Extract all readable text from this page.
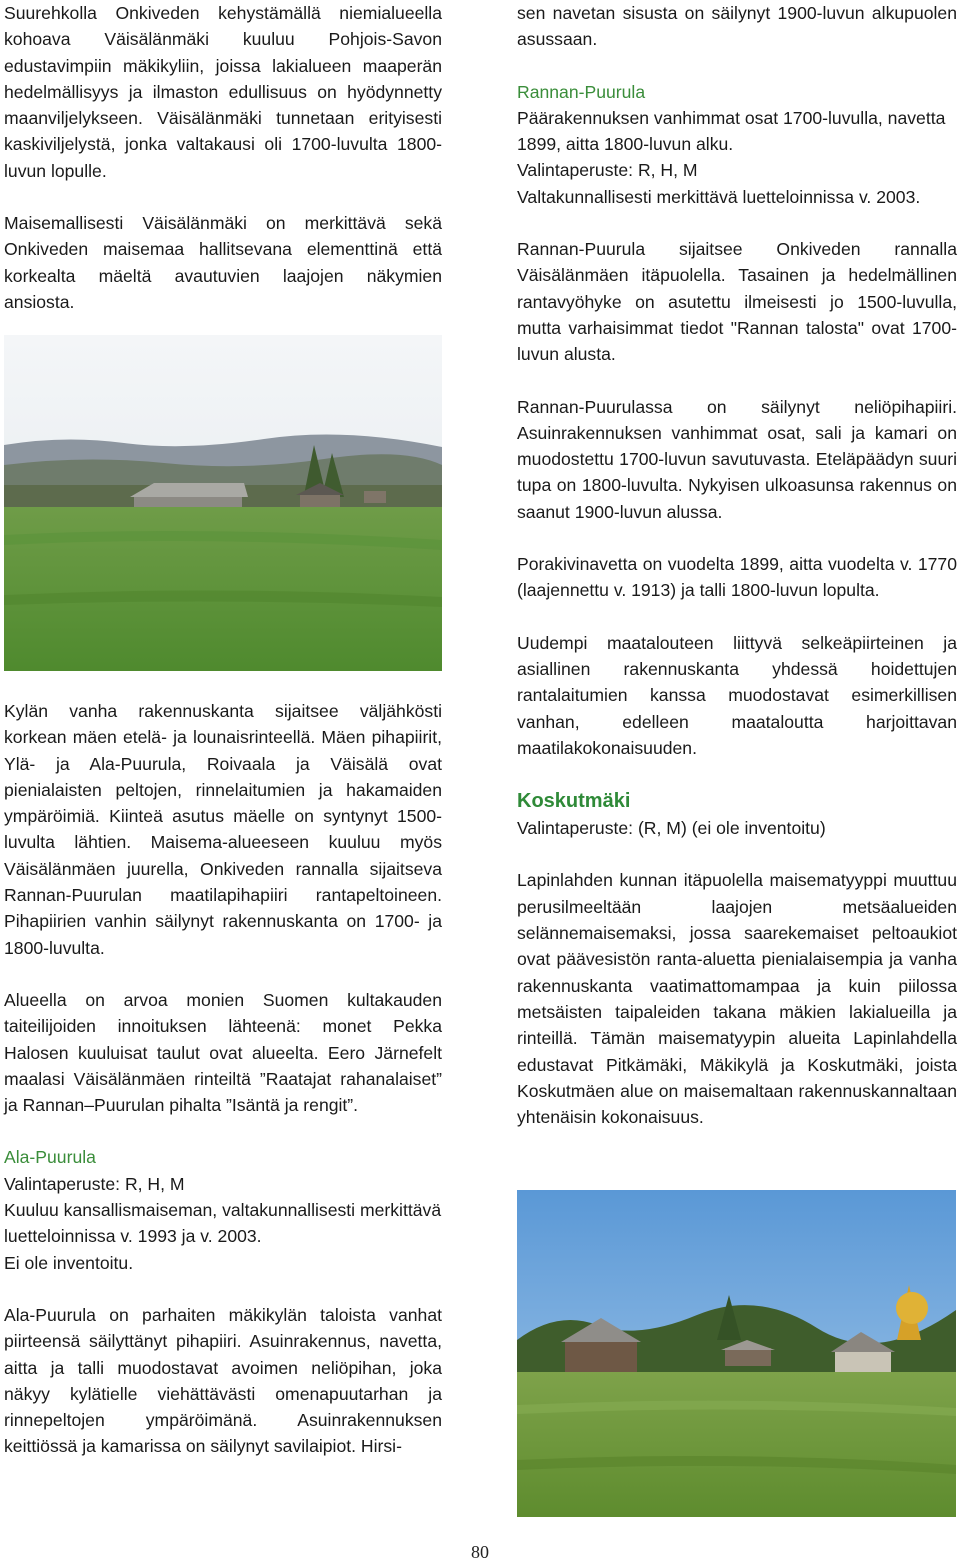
Suurehkolla Onkiveden kehystämällä niemialueella kohoava Väisälänmäki kuuluu Pohjois-Savon edustavimpiin mäkikyliin, joissa lakialueen maaperän hedelmällisyys ja ilmaston edullisuus on hyödynnetty maanviljelykseen. Väisälänmäki tunnetaan erityisesti kaskiviljelystä, jonka valtakausi oli 1700-luvulta 1800-luvun lopulle.

Maisemallisesti Väisälänmäki on merkittävä sekä Onkiveden maisemaa hallitsevana elementtinä että korkealta mäeltä avautuvien laajojen näkymien ansiosta.

Kylän vanha rakennuskanta sijaitsee väljähkösti korkean mäen etelä- ja lounaisrinteellä. Mäen pihapiirit, Ylä- ja Ala-Puurula, Roivaala ja Väisälä ovat pienialaisten peltojen, rinnelaitumien ja hakamaiden ympäröimiä. Kiinteä asutus mäelle on syntynyt 1500-luvulta lähtien. Maisema-alueeseen kuuluu myös Väisälänmäen juurella, Onkiveden rannalla sijaitseva Rannan-Puurulan maatilapihapiiri rantapeltoineen. Pihapiirien vanhin säilynyt rakennuskanta on 1700- ja 1800-luvulta.

Alueella on arvoa monien Suomen kultakauden taiteilijoiden innoituksen lähteenä: monet Pekka Halosen kuuluisat taulut ovat alueelta. Eero Järnefelt maalasi Väisälänmäen rinteiltä ”Raatajat rahanalaiset” ja Rannan–Puurulan pihalta ”Isäntä ja rengit”.

Ala-Puurula

Valintaperuste: R, H, M

Kuuluu kansallismaiseman, valtakunnallisesti merkittävä luetteloinnissa v. 1993 ja v. 2003.

Ei ole inventoitu.

Ala-Puurula on parhaiten mäkikylän taloista vanhat piirteensä säilyttänyt pihapiiri. Asuinrakennus, navetta, aitta ja talli muodostavat avoimen neliöpihan, joka näkyy kylätielle viehättävästi omenapuutarhan ja rinnepeltojen ympäröimänä. Asuinrakennuksen keittiössä ja kamarissa on säilynyt savilaipiot. Hirsi-

sen navetan sisusta on säilynyt 1900-luvun alkupuolen asussaan.

Rannan-Puurula

Päärakennuksen vanhimmat osat 1700-luvulla, navetta 1899, aitta 1800-luvun alku.

Valintaperuste: R, H, M

Valtakunnallisesti merkittävä luetteloinnissa v. 2003.

Rannan-Puurula sijaitsee Onkiveden rannalla Väisälänmäen itäpuolella. Tasainen ja hedelmällinen rantavyöhyke on asutettu ilmeisesti jo 1500-luvulla, mutta varhaisimmat tiedot "Rannan talosta" ovat 1700-luvun alusta.

Rannan-Puurulassa on säilynyt neliöpihapiiri. Asuinrakennuksen vanhimmat osat, sali ja kamari on muodostettu 1700-luvun savutuvasta. Eteläpäädyn suuri tupa on 1800-luvulta. Nykyisen ulkoasunsa rakennus on saanut 1900-luvun alussa.

Porakivinavetta on vuodelta 1899, aitta vuodelta v. 1770 (laajennettu v. 1913) ja talli 1800-luvun lopulta.

Uudempi maatalouteen liittyvä selkeäpiirteinen ja asiallinen rakennuskanta yhdessä hoidettujen rantalaitumien kanssa muodostavat esimerkillisen vanhan, edelleen maataloutta harjoittavan maatilakokonaisuuden.

Koskutmäki

Valintaperuste: (R, M) (ei ole inventoitu)

Lapinlahden kunnan itäpuolella maisematyyppi muuttuu perusilmeeltään laajojen metsäalueiden selännemaisemaksi, jossa saarekemaiset peltoaukiot ovat päävesistön ranta-aluetta pienialaisempia ja vanha rakennuskanta vaatimattomampaa ja kuin piilossa metsäisten taipaleiden takana mäkien lakialueilla ja rinteillä. Tämän maisematyypin alueita Lapinlahdella edustavat Pitkämäki, Mäkikylä ja Koskutmäki, joista Koskutmäen alue on maisemaltaan rakennuskannaltaan yhtenäisin kokonaisuus.

80
